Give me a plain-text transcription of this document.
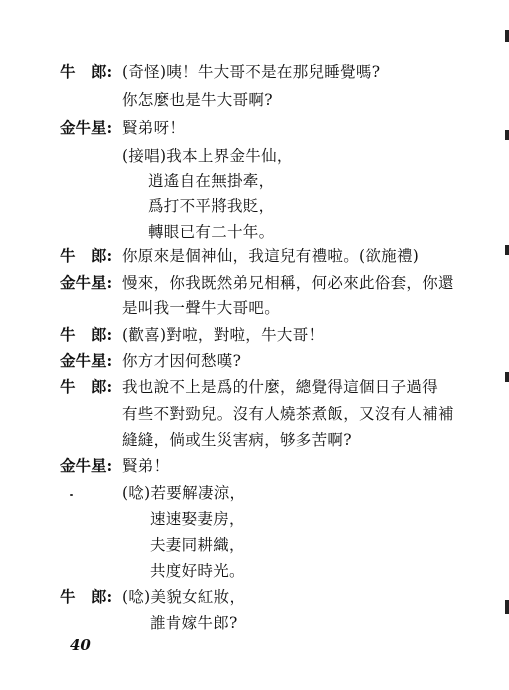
牛　郎: (奇怪)咦！牛大哥不是在那兒睡覺嗎?
你怎麼也是牛大哥啊?
金牛星: 賢弟呀！
(接唱)我本上界金牛仙，
逍遙自在無掛牽，
爲打不平將我貶，
轉眼已有二十年。
牛　郎: 你原來是個神仙，我這兒有禮啦。(欲施禮)
金牛星: 慢來，你我既然弟兄相稱，何必來此俗套，你還
是叫我一聲牛大哥吧。
牛　郎: (歡喜)對啦，對啦，牛大哥！
金牛星: 你方才因何愁嘆?
牛　郎: 我也說不上是爲的什麼，總覺得這個日子過得
有些不對勁兒。沒有人燒茶煮飯，又沒有人補補
縫縫，倘或生災害病，够多苦啊?
金牛星: 賢弟！
(唸)若要解凄涼，
速速娶妻房，
夫妻同耕織，
共度好時光。
牛　郎: (唸)美貌女紅妝，
誰肯嫁牛郎?
40
